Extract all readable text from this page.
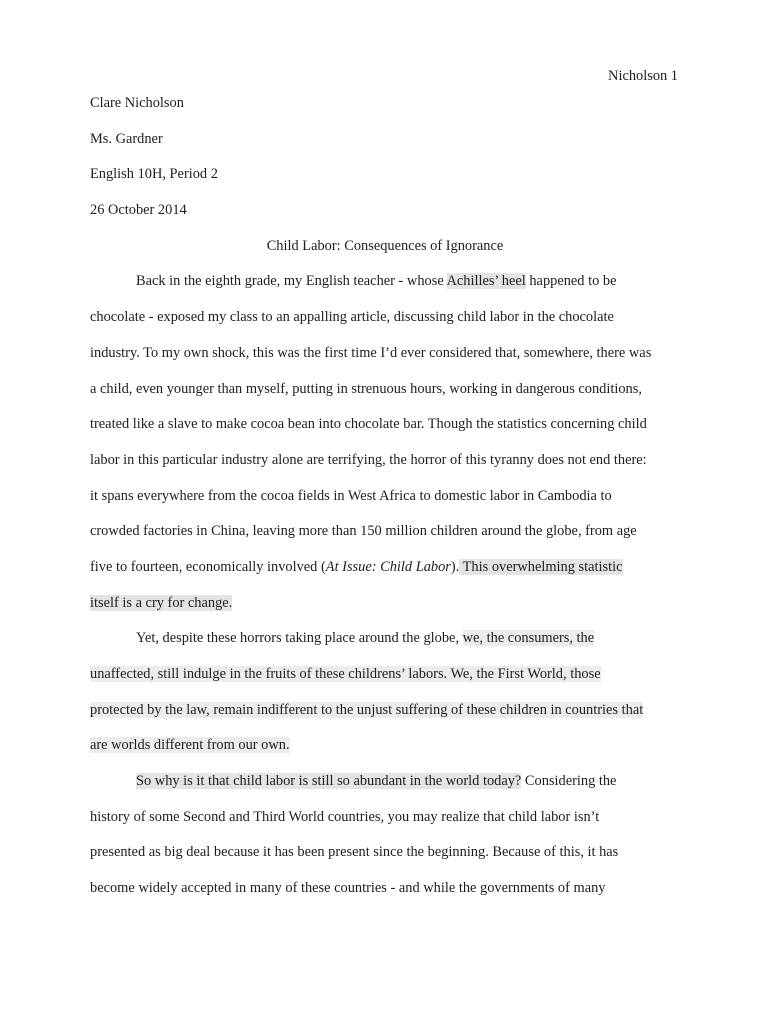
Nicholson 1
Clare Nicholson
Ms. Gardner
English 10H, Period 2
26 October 2014
Child Labor: Consequences of Ignorance
Back in the eighth grade, my English teacher - whose Achilles’ heel happened to be
chocolate - exposed my class to an appalling article, discussing child labor in the chocolate
industry. To my own shock, this was the first time I’d ever considered that, somewhere, there was
a child, even younger than myself, putting in strenuous hours, working in dangerous conditions,
treated like a slave to make cocoa bean into chocolate bar. Though the statistics concerning child
labor in this particular industry alone are terrifying, the horror of this tyranny does not end there:
it spans everywhere from the cocoa fields in West Africa to domestic labor in Cambodia to
crowded factories in China, leaving more than 150 million children around the globe, from age
five to fourteen, economically involved (At Issue: Child Labor). This overwhelming statistic
itself is a cry for change.
Yet, despite these horrors taking place around the globe, we, the consumers, the
unaffected, still indulge in the fruits of these childrens’ labors. We, the First World, those
protected by the law, remain indifferent to the unjust suffering of these children in countries that
are worlds different from our own.
So why is it that child labor is still so abundant in the world today? Considering the
history of some Second and Third World countries, you may realize that child labor isn’t
presented as big deal because it has been present since the beginning. Because of this, it has
become widely accepted in many of these countries - and while the governments of many
